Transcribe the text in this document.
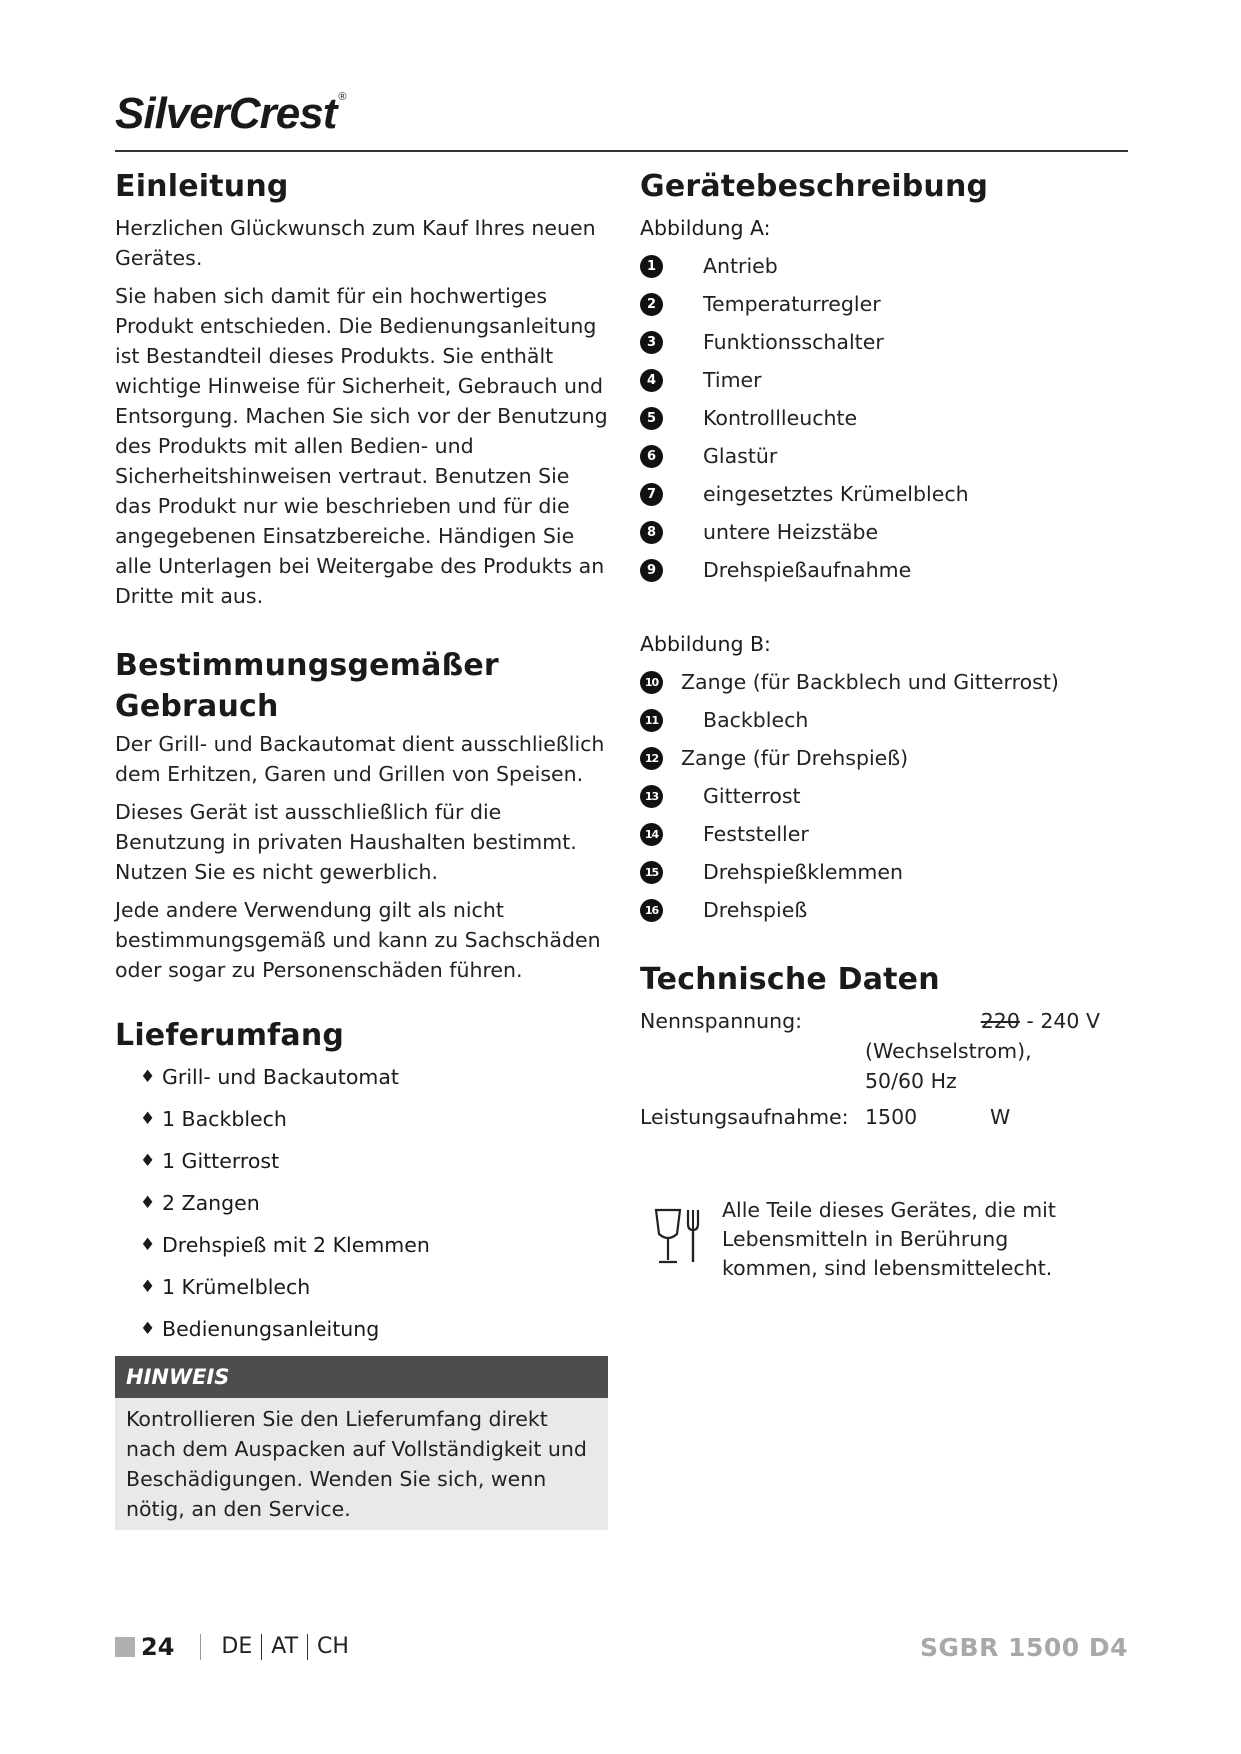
SilverCrest ®
Einleitung

Herzlichen Glückwunsch zum Kauf Ihres neuen Gerätes.

Sie haben sich damit für ein hochwertiges Produkt entschieden. Die Bedienungsanleitung ist Bestandteil dieses Produkts. Sie enthält wichtige Hinweise für Sicherheit, Gebrauch und Entsorgung. Machen Sie sich vor der Benutzung des Produkts mit allen Bedien- und Sicherheitshinweisen vertraut. Benutzen Sie das Produkt nur wie beschrieben und für die angegebenen Einsatzbereiche. Händigen Sie alle Unterlagen bei Weitergabe des Produkts an Dritte mit aus.

Bestimmungsgemäßer
Gebrauch

Der Grill- und Backautomat dient ausschließlich dem Erhitzen, Garen und Grillen von Speisen.

Dieses Gerät ist ausschließlich für die Benutzung in privaten Haushalten bestimmt. Nutzen Sie es nicht gewerblich.

Jede andere Verwendung gilt als nicht bestimmungsgemäß und kann zu Sachschäden oder sogar zu Personenschäden führen.

Lieferumfang
♦ Grill- und Backautomat
♦ 1 Backblech
♦ 1 Gitterrost
♦ 2 Zangen
♦ Drehspieß mit 2 Klemmen
♦ 1 Krümelblech
♦ Bedienungsanleitung
HINWEIS
Kontrollieren Sie den Lieferumfang direkt nach dem Auspacken auf Vollständigkeit und Beschädigungen. Wenden Sie sich, wenn nötig, an den Service.
Gerätebeschreibung
Abbildung A:
1	Antrieb
2	Temperaturregler
3	Funktionsschalter
4	Timer
5	Kontrollleuchte
6	Glastür
7	eingesetztes Krümelblech
8	untere Heizstäbe
9	Drehspießaufnahme
Abbildung B:
10 Zange (für Backblech und Gitterrost)
11 Backblech
12 Zange (für Drehspieß)
13 Gitterrost
14 Feststeller
15 Drehspießklemmen
16 Drehspieß
Technische Daten
Nennspannung:	220 - 240 V
(Wechselstrom),
50/60 Hz
Leistungsaufnahme: 1500	W
Alle Teile dieses Gerätes, die mit Lebensmitteln in Berührung kommen, sind lebensmittelecht.
24 DE AT CH	SGBR 1500 D4
